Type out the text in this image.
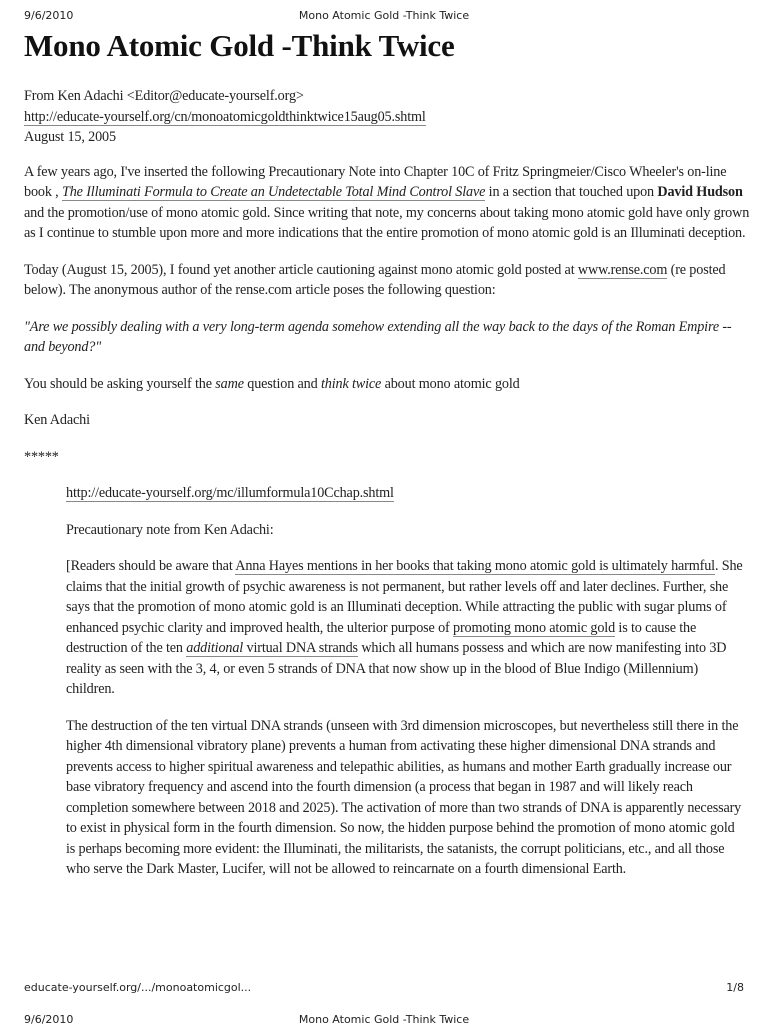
9/6/2010	Mono Atomic Gold -Think Twice
Mono Atomic Gold -Think Twice

From Ken Adachi <Editor@educate-yourself.org>
http://educate-yourself.org/cn/monoatomicgoldthinktwice15aug05.shtml
August 15, 2005

A few years ago, I've inserted the following Precautionary Note into Chapter 10C of Fritz Springmeier/Cisco Wheeler's on-line book , The Illuminati Formula to Create an Undetectable Total Mind Control Slave in a section that touched upon David Hudson and the promotion/use of mono atomic gold. Since writing that note, my concerns about taking mono atomic gold have only grown as I continue to stumble upon more and more indications that the entire promotion of mono atomic gold is an Illuminati deception.

Today (August 15, 2005), I found yet another article cautioning against mono atomic gold posted at www.rense.com (re posted below). The anonymous author of the rense.com article poses the following question:

"Are we possibly dealing with a very long-term agenda somehow extending all the way back to the days of the Roman Empire -- and beyond?"

You should be asking yourself the same question and think twice about mono atomic gold

Ken Adachi

*****

http://educate-yourself.org/mc/illumformula10Cchap.shtml

Precautionary note from Ken Adachi:

[Readers should be aware that Anna Hayes mentions in her books that taking mono atomic gold is ultimately harmful. She claims that the initial growth of psychic awareness is not permanent, but rather levels off and later declines. Further, she says that the promotion of mono atomic gold is an Illuminati deception. While attracting the public with sugar plums of enhanced psychic clarity and improved health, the ulterior purpose of promoting mono atomic gold is to cause the destruction of the ten additional virtual DNA strands which all humans possess and which are now manifesting into 3D reality as seen with the 3, 4, or even 5 strands of DNA that now show up in the blood of Blue Indigo (Millennium) children.

The destruction of the ten virtual DNA strands (unseen with 3rd dimension microscopes, but nevertheless still there in the higher 4th dimensional vibratory plane) prevents a human from activating these higher dimensional DNA strands and prevents access to higher spiritual awareness and telepathic abilities, as humans and mother Earth gradually increase our base vibratory frequency and ascend into the fourth dimension (a process that began in 1987 and will likely reach completion somewhere between 2018 and 2025). The activation of more than two strands of DNA is apparently necessary to exist in physical form in the fourth dimension. So now, the hidden purpose behind the promotion of mono atomic gold is perhaps becoming more evident: the Illuminati, the militarists, the satanists, the corrupt politicians, etc., and all those who serve the Dark Master, Lucifer, will not be allowed to reincarnate on a fourth dimensional Earth.

educate-yourself.org/.../monoatomicgol...	1/8
9/6/2010	Mono Atomic Gold -Think Twice
